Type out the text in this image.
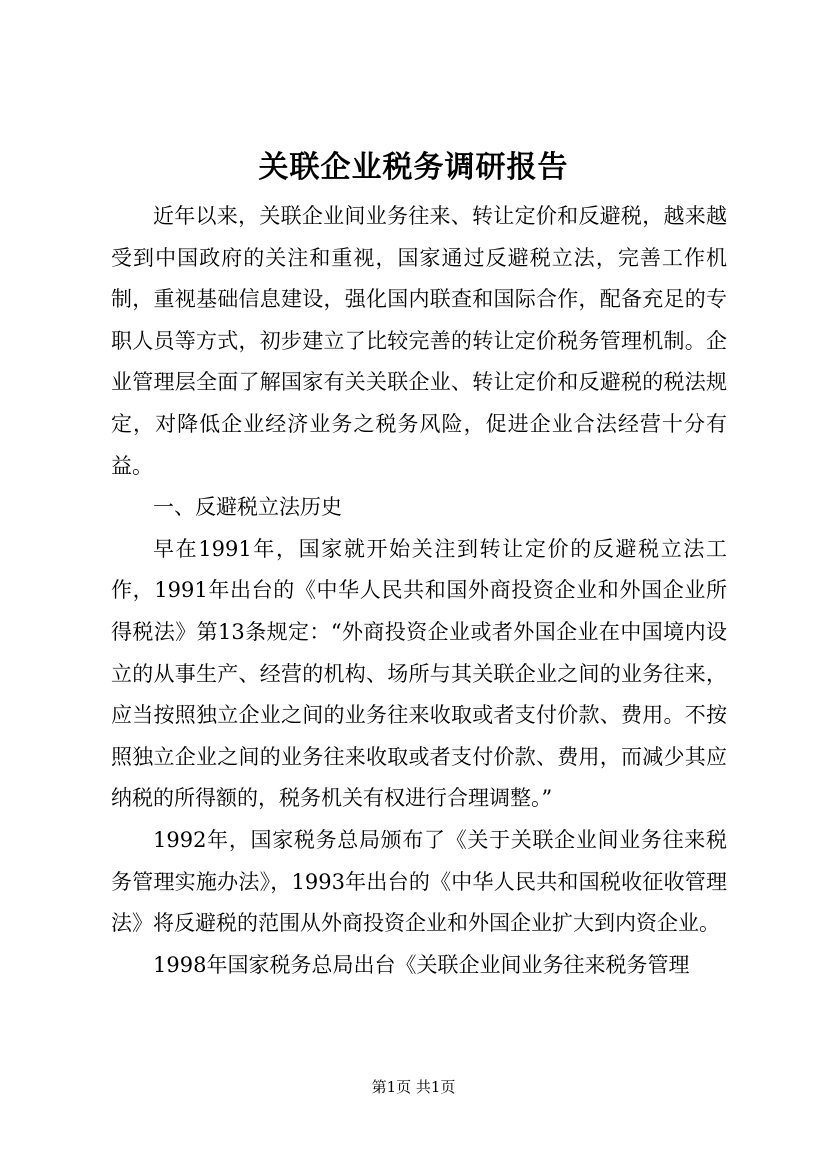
关联企业税务调研报告

近年以来，关联企业间业务往来、转让定价和反避税，越来越受到中国政府的关注和重视，国家通过反避税立法，完善工作机制，重视基础信息建设，强化国内联查和国际合作，配备充足的专职人员等方式，初步建立了比较完善的转让定价税务管理机制。企业管理层全面了解国家有关关联企业、转让定价和反避税的税法规定，对降低企业经济业务之税务风险，促进企业合法经营十分有益。

一、反避税立法历史

早在1991年，国家就开始关注到转让定价的反避税立法工作，1991年出台的《中华人民共和国外商投资企业和外国企业所得税法》第13条规定：“外商投资企业或者外国企业在中国境内设立的从事生产、经营的机构、场所与其关联企业之间的业务往来，应当按照独立企业之间的业务往来收取或者支付价款、费用。不按照独立企业之间的业务往来收取或者支付价款、费用，而减少其应纳税的所得额的，税务机关有权进行合理调整。”

1992年，国家税务总局颁布了《关于关联企业间业务往来税务管理实施办法》，1993年出台的《中华人民共和国税收征收管理法》将反避税的范围从外商投资企业和外国企业扩大到内资企业。

1998年国家税务总局出台《关联企业间业务往来税务管理

第1页 共1页
